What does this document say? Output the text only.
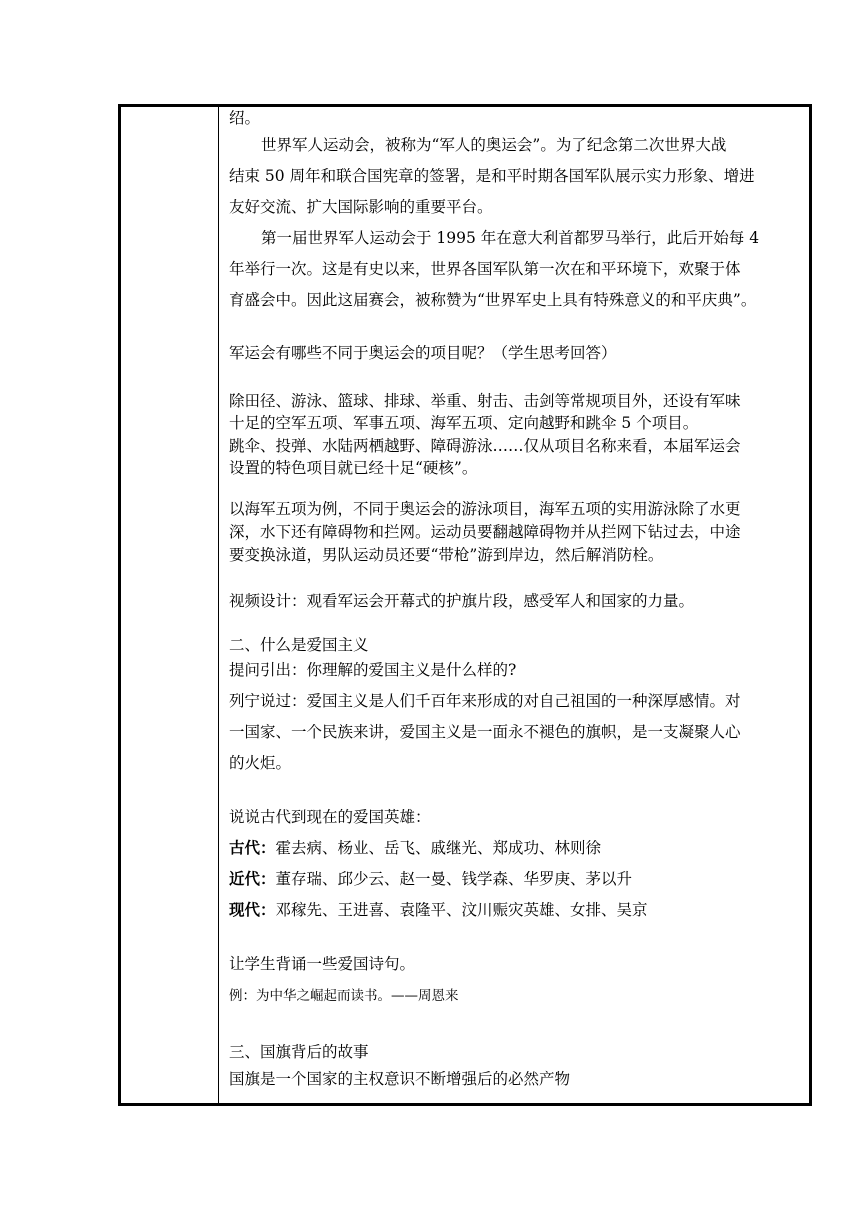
绍。
世界军人运动会，被称为“军人的奥运会”。为了纪念第二次世界大战
结束 50 周年和联合国宪章的签署，是和平时期各国军队展示实力形象、增进
友好交流、扩大国际影响的重要平台。
第一届世界军人运动会于 1995 年在意大利首都罗马举行，此后开始每 4
年举行一次。这是有史以来，世界各国军队第一次在和平环境下，欢聚于体
育盛会中。因此这届赛会，被称赞为“世界军史上具有特殊意义的和平庆典”。
军运会有哪些不同于奥运会的项目呢？（学生思考回答）
除田径、游泳、篮球、排球、举重、射击、击剑等常规项目外，还设有军味
十足的空军五项、军事五项、海军五项、定向越野和跳伞 5 个项目。
跳伞、投弹、水陆两栖越野、障碍游泳……仅从项目名称来看，本届军运会
设置的特色项目就已经十足“硬核”。
以海军五项为例，不同于奥运会的游泳项目，海军五项的实用游泳除了水更
深，水下还有障碍物和拦网。运动员要翻越障碍物并从拦网下钻过去，中途
要变换泳道，男队运动员还要“带枪”游到岸边，然后解消防栓。
视频设计：观看军运会开幕式的护旗片段，感受军人和国家的力量。
二、什么是爱国主义
提问引出：你理解的爱国主义是什么样的?
列宁说过：爱国主义是人们千百年来形成的对自己祖国的一种深厚感情。对
一国家、一个民族来讲，爱国主义是一面永不褪色的旗帜，是一支凝聚人心
的火炬。
说说古代到现在的爱国英雄：
古代：霍去病、杨业、岳飞、戚继光、郑成功、林则徐
近代：董存瑞、邱少云、赵一曼、钱学森、华罗庚、茅以升
现代：邓稼先、王进喜、袁隆平、汶川赈灾英雄、女排、吴京
让学生背诵一些爱国诗句。
例：为中华之崛起而读书。——周恩来
三、国旗背后的故事
国旗是一个国家的主权意识不断增强后的必然产物
